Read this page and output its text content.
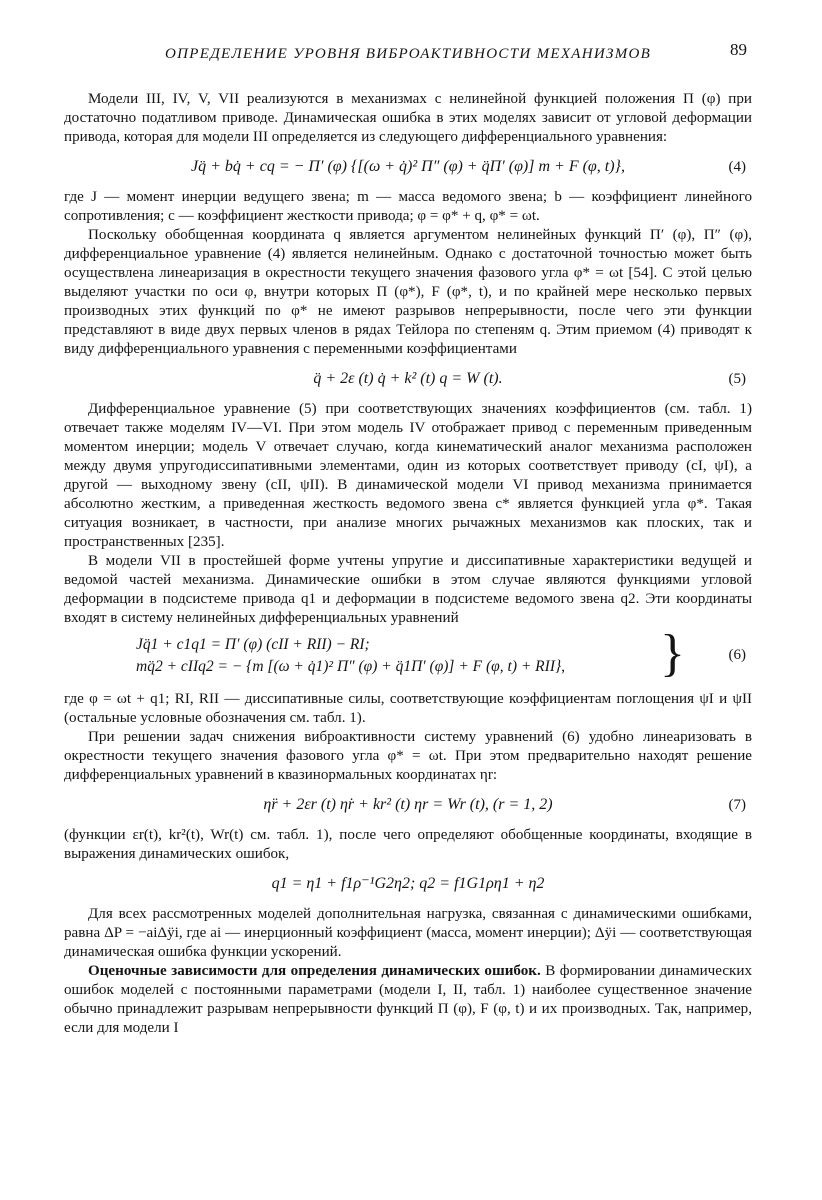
ОПРЕДЕЛЕНИЕ УРОВНЯ ВИБРОАКТИВНОСТИ МЕХАНИЗМОВ	89

Модели III, IV, V, VII реализуются в механизмах с нелинейной функцией положения П (φ) при достаточно податливом приводе. Динамическая ошибка в этих моделях зависит от угловой деформации привода, которая для модели III определяется из следующего дифференциального уравнения:

Jq̈ + bq̇ + cq = − П′ (φ) {[(ω + q̇)² П″ (φ) + q̈П′ (φ)] m + F (φ, t)},	(4)

где J — момент инерции ведущего звена; m — масса ведомого звена; b — коэффициент линейного сопротивления; c — коэффициент жесткости привода; φ = φ* + q, φ* = ωt.

Поскольку обобщенная координата q является аргументом нелинейных функций П′ (φ), П″ (φ), дифференциальное уравнение (4) является нелинейным. Однако с достаточной точностью может быть осуществлена линеаризация в окрестности текущего значения фазового угла φ* = ωt [54]. С этой целью выделяют участки по оси φ, внутри которых П (φ*), F (φ*, t), и по крайней мере несколько первых производных этих функций по φ* не имеют разрывов непрерывности, после чего эти функции представляют в виде двух первых членов в рядах Тейлора по степеням q. Этим приемом (4) приводят к виду дифференциального уравнения с переменными коэффициентами

q̈ + 2ε (t) q̇ + k² (t) q = W (t).	(5)

Дифференциальное уравнение (5) при соответствующих значениях коэффициентов (см. табл. 1) отвечает также моделям IV—VI. При этом модель IV отображает привод с переменным приведенным моментом инерции; модель V отвечает случаю, когда кинематический аналог механизма расположен между двумя упругодиссипативными элементами, один из которых соответствует приводу (cI, ψI), а другой — выходному звену (cII, ψII). В динамической модели VI привод механизма принимается абсолютно жестким, а приведенная жесткость ведомого звена c* является функцией угла φ*. Такая ситуация возникает, в частности, при анализе многих рычажных механизмов как плоских, так и пространственных [235].

В модели VII в простейшей форме учтены упругие и диссипативные характеристики ведущей и ведомой частей механизма. Динамические ошибки в этом случае являются функциями угловой деформации в подсистеме привода q1 и деформации в подсистеме ведомого звена q2. Эти координаты входят в систему нелинейных дифференциальных уравнений

Jq̈1 + c1q1 = П′ (φ) (cII + RII) − RI;
mq̈2 + cIIq2 = − {m [(ω + q̇1)² П″ (φ) + q̈1П′ (φ)] + F (φ, t) + RII}, }	(6)

где φ = ωt + q1; RI, RII — диссипативные силы, соответствующие коэффициентам поглощения ψI и ψII (остальные условные обозначения см. табл. 1).

При решении задач снижения виброактивности систему уравнений (6) удобно линеаризовать в окрестности текущего значения фазового угла φ* = ωt. При этом предварительно находят решение дифференциальных уравнений в квазинормальных координатах ηr:

η̈r + 2εr (t) η̇r + kr² (t) ηr = Wr (t), (r = 1, 2)	(7)

(функции εr(t), kr²(t), Wr(t) см. табл. 1), после чего определяют обобщенные координаты, входящие в выражения динамических ошибок,

q1 = η1 + f1ρ⁻¹G2η2; q2 = f1G1ρη1 + η2

Для всех рассмотренных моделей дополнительная нагрузка, связанная с динамическими ошибками, равна ΔP = −aiΔÿi, где ai — инерционный коэффициент (масса, момент инерции); Δÿi — соответствующая динамическая ошибка функции ускорений.

Оценочные зависимости для определения динамических ошибок. В формировании динамических ошибок моделей с постоянными параметрами (модели I, II, табл. 1) наиболее существенное значение обычно принадлежит разрывам непрерывности функций П (φ), F (φ, t) и их производных. Так, например, если для модели I
